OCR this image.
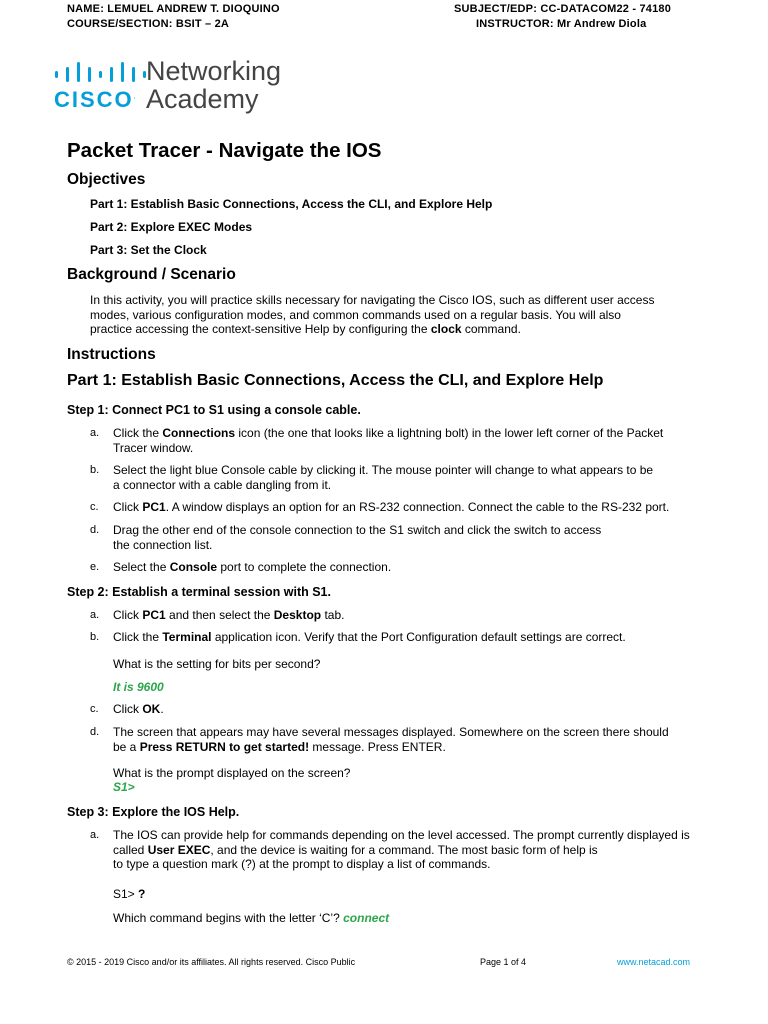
NAME: LEMUEL ANDREW T. DIOQUINO
COURSE/SECTION: BSIT – 2A
SUBJECT/EDP: CC-DATACOM22 - 74180
INSTRUCTOR: Mr Andrew Diola
CISCO.
Networking
Academy
Packet Tracer - Navigate the IOS
Objectives
Part 1: Establish Basic Connections, Access the CLI, and Explore Help
Part 2: Explore EXEC Modes
Part 3: Set the Clock
Background / Scenario
In this activity, you will practice skills necessary for navigating the Cisco IOS, such as different user access
modes, various configuration modes, and common commands used on a regular basis. You will also
practice accessing the context-sensitive Help by configuring the clock command.
Instructions
Part 1: Establish Basic Connections, Access the CLI, and Explore Help
Step 1: Connect PC1 to S1 using a console cable.
a.	Click the Connections icon (the one that looks like a lightning bolt) in the lower left corner of the Packet
Tracer window.
b.	Select the light blue Console cable by clicking it. The mouse pointer will change to what appears to be
a connector with a cable dangling from it.
c.	Click PC1. A window displays an option for an RS-232 connection. Connect the cable to the RS-232 port.
d.	Drag the other end of the console connection to the S1 switch and click the switch to access
the connection list.
e.	Select the Console port to complete the connection.
Step 2: Establish a terminal session with S1.
a.	Click PC1 and then select the Desktop tab.
b.	Click the Terminal application icon. Verify that the Port Configuration default settings are correct.
What is the setting for bits per second?
It is 9600
c.	Click OK.
d.	The screen that appears may have several messages displayed. Somewhere on the screen there should
be a Press RETURN to get started! message. Press ENTER.
What is the prompt displayed on the screen?
S1>
Step 3: Explore the IOS Help.
a.	The IOS can provide help for commands depending on the level accessed. The prompt currently displayed is
called User EXEC, and the device is waiting for a command. The most basic form of help is
to type a question mark (?) at the prompt to display a list of commands.
S1> ?
Which command begins with the letter ‘C’? connect
© 2015 - 2019 Cisco and/or its affiliates. All rights reserved. Cisco Public	Page 1 of 4	www.netacad.com
